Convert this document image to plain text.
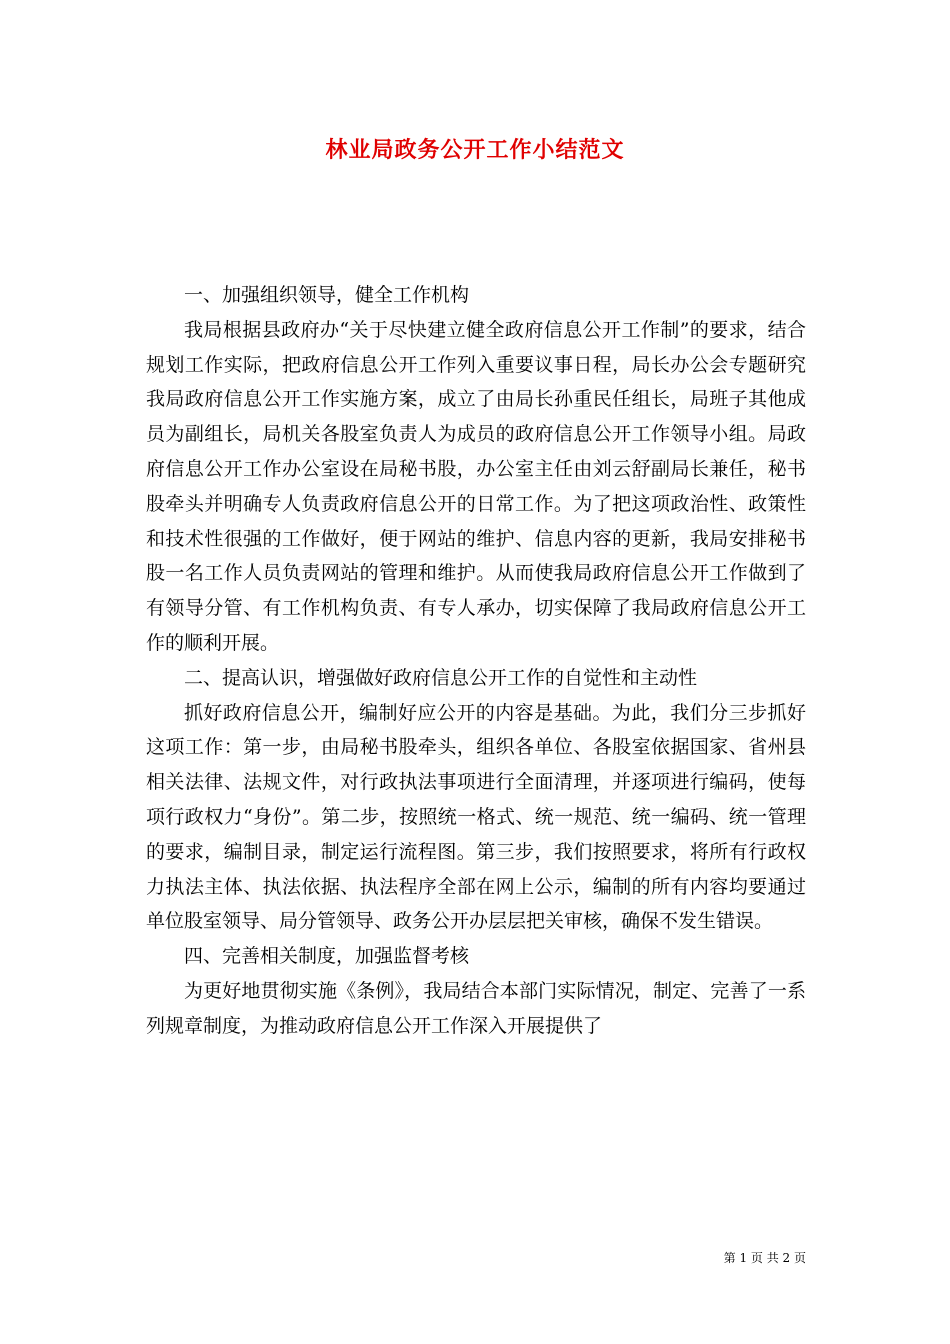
林业局政务公开工作小结范文

一、加强组织领导，健全工作机构

我局根据县政府办“关于尽快建立健全政府信息公开工作制”的要求，结合规划工作实际，把政府信息公开工作列入重要议事日程，局长办公会专题研究我局政府信息公开工作实施方案，成立了由局长孙重民任组长，局班子其他成员为副组长，局机关各股室负责人为成员的政府信息公开工作领导小组。局政府信息公开工作办公室设在局秘书股，办公室主任由刘云舒副局长兼任，秘书股牵头并明确专人负责政府信息公开的日常工作。为了把这项政治性、政策性和技术性很强的工作做好，便于网站的维护、信息内容的更新，我局安排秘书股一名工作人员负责网站的管理和维护。从而使我局政府信息公开工作做到了有领导分管、有工作机构负责、有专人承办，切实保障了我局政府信息公开工作的顺利开展。

二、提高认识，增强做好政府信息公开工作的自觉性和主动性

抓好政府信息公开，编制好应公开的内容是基础。为此，我们分三步抓好这项工作：第一步，由局秘书股牵头，组织各单位、各股室依据国家、省州县相关法律、法规文件，对行政执法事项进行全面清理，并逐项进行编码，使每项行政权力“身份”。第二步，按照统一格式、统一规范、统一编码、统一管理的要求，编制目录，制定运行流程图。第三步，我们按照要求，将所有行政权力执法主体、执法依据、执法程序全部在网上公示，编制的所有内容均要通过单位股室领导、局分管领导、政务公开办层层把关审核，确保不发生错误。

四、完善相关制度，加强监督考核

为更好地贯彻实施《条例》，我局结合本部门实际情况，制定、完善了一系列规章制度，为推动政府信息公开工作深入开展提供了

第 1 页 共 2 页
